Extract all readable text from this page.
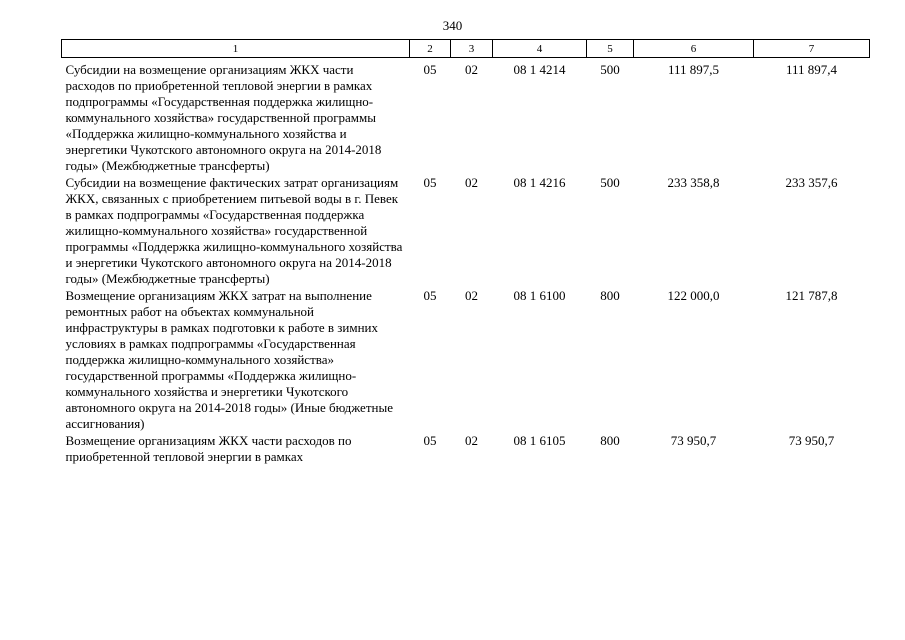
340
1	2	3	4	5	6	7
Субсидии на возмещение организациям ЖКХ части расходов по приобретенной тепловой энергии в рамках подпрограммы «Государственная поддержка жилищно-коммунального хозяйства» государственной программы «Поддержка жилищно-коммунального хозяйства и энергетики Чукотского автономного округа на 2014-2018 годы» (Межбюджетные трансферты)	05	02	08 1 4214	500	111 897,5	111 897,4
Субсидии на возмещение фактических затрат организациям ЖКХ, связанных с приобретением питьевой воды в г. Певек в рамках подпрограммы «Государственная поддержка жилищно-коммунального хозяйства» государственной программы «Поддержка жилищно-коммунального хозяйства и энергетики Чукотского автономного округа на 2014-2018 годы» (Межбюджетные трансферты)	05	02	08 1 4216	500	233 358,8	233 357,6
Возмещение организациям ЖКХ затрат на выполнение ремонтных работ на объектах коммунальной инфраструктуры в рамках подготовки к работе в зимних условиях в рамках подпрограммы «Государственная поддержка жилищно-коммунального хозяйства» государственной программы «Поддержка жилищно-коммунального хозяйства и энергетики Чукотского автономного округа на 2014-2018 годы» (Иные бюджетные ассигнования)	05	02	08 1 6100	800	122 000,0	121 787,8
Возмещение организациям ЖКХ части расходов по приобретенной тепловой энергии в рамках	05	02	08 1 6105	800	73 950,7	73 950,7
